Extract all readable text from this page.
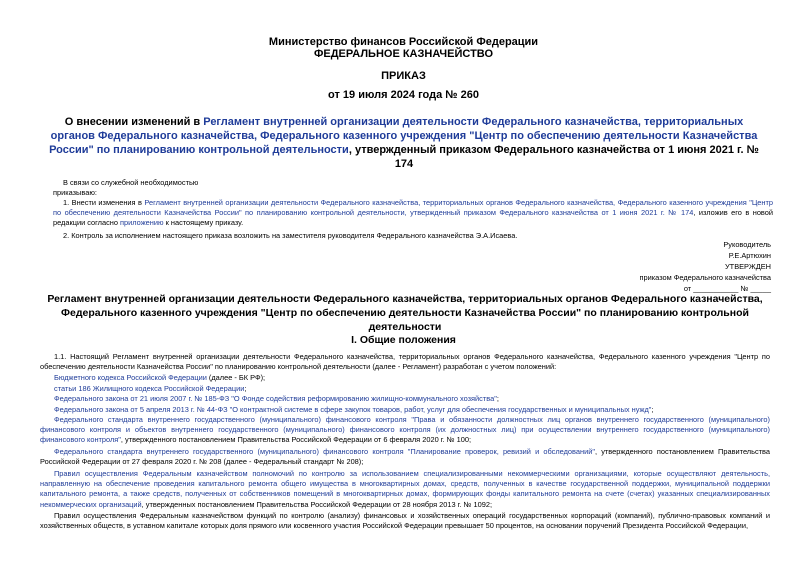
Министерство финансов Российской Федерации
ФЕДЕРАЛЬНОЕ КАЗНАЧЕЙСТВО
ПРИКАЗ
от 19 июля 2024 года № 260
О внесении изменений в Регламент внутренней организации деятельности Федерального казначейства, территориальных органов Федерального казначейства, Федерального казенного учреждения "Центр по обеспечению деятельности Казначейства России" по планированию контрольной деятельности, утвержденный приказом Федерального казначейства от 1 июня 2021 г. № 174
В связи со служебной необходимостью
приказываю:
1. Внести изменения в Регламент внутренней организации деятельности Федерального казначейства, территориальных органов Федерального казначейства, Федерального казенного учреждения "Центр по обеспечению деятельности Казначейства России" по планированию контрольной деятельности, утвержденный приказом Федерального казначейства от 1 июня 2021 г. № 174, изложив его в новой редакции согласно приложению к настоящему приказу.
2. Контроль за исполнением настоящего приказа возложить на заместителя руководителя Федерального казначейства Э.А.Исаева.
Руководитель
Р.Е.Артюхин
УТВЕРЖДЕН
приказом Федерального казначейства
от ___________ № _____
Регламент внутренней организации деятельности Федерального казначейства, территориальных органов Федерального казначейства, Федерального казенного учреждения "Центр по обеспечению деятельности Казначейства России" по планированию контрольной деятельности
I. Общие положения
1.1. Настоящий Регламент внутренней организации деятельности Федерального казначейства, территориальных органов Федерального казначейства, Федерального казенного учреждения "Центр по обеспечению деятельности Казначейства России" по планированию контрольной деятельности (далее - Регламент) разработан с учетом положений:
Бюджетного кодекса Российской Федерации (далее - БК РФ);
статьи 186 Жилищного кодекса Российской Федерации;
Федерального закона от 21 июля 2007 г. № 185-ФЗ "О Фонде содействия реформированию жилищно-коммунального хозяйства";
Федерального закона от 5 апреля 2013 г. № 44-ФЗ "О контрактной системе в сфере закупок товаров, работ, услуг для обеспечения государственных и муниципальных нужд";
Федерального стандарта внутреннего государственного (муниципального) финансового контроля "Права и обязанности должностных лиц органов внутреннего государственного (муниципального) финансового контроля и объектов внутреннего государственного (муниципального) финансового контроля (их должностных лиц) при осуществлении внутреннего государственного (муниципального) финансового контроля", утвержденного постановлением Правительства Российской Федерации от 6 февраля 2020 г. № 100;
Федерального стандарта внутреннего государственного (муниципального) финансового контроля "Планирование проверок, ревизий и обследований", утвержденного постановлением Правительства Российской Федерации от 27 февраля 2020 г. № 208 (далее - Федеральный стандарт № 208);
Правил осуществления Федеральным казначейством полномочий по контролю за использованием специализированными некоммерческими организациями, которые осуществляют деятельность, направленную на обеспечение проведения капитального ремонта общего имущества в многоквартирных домах, средств, полученных в качестве государственной поддержки, муниципальной поддержки капитального ремонта, а также средств, полученных от собственников помещений в многоквартирных домах, формирующих фонды капитального ремонта на счете (счетах) указанных специализированных некоммерческих организаций, утвержденных постановлением Правительства Российской Федерации от 28 ноября 2013 г. № 1092;
Правил осуществления Федеральным казначейством функций по контролю (анализу) финансовых и хозяйственных операций государственных корпораций (компаний), публично-правовых компаний и хозяйственных обществ, в уставном капитале которых доля прямого или косвенного участия Российской Федерации превышает 50 процентов, на основании поручений Президента Российской Федерации,
